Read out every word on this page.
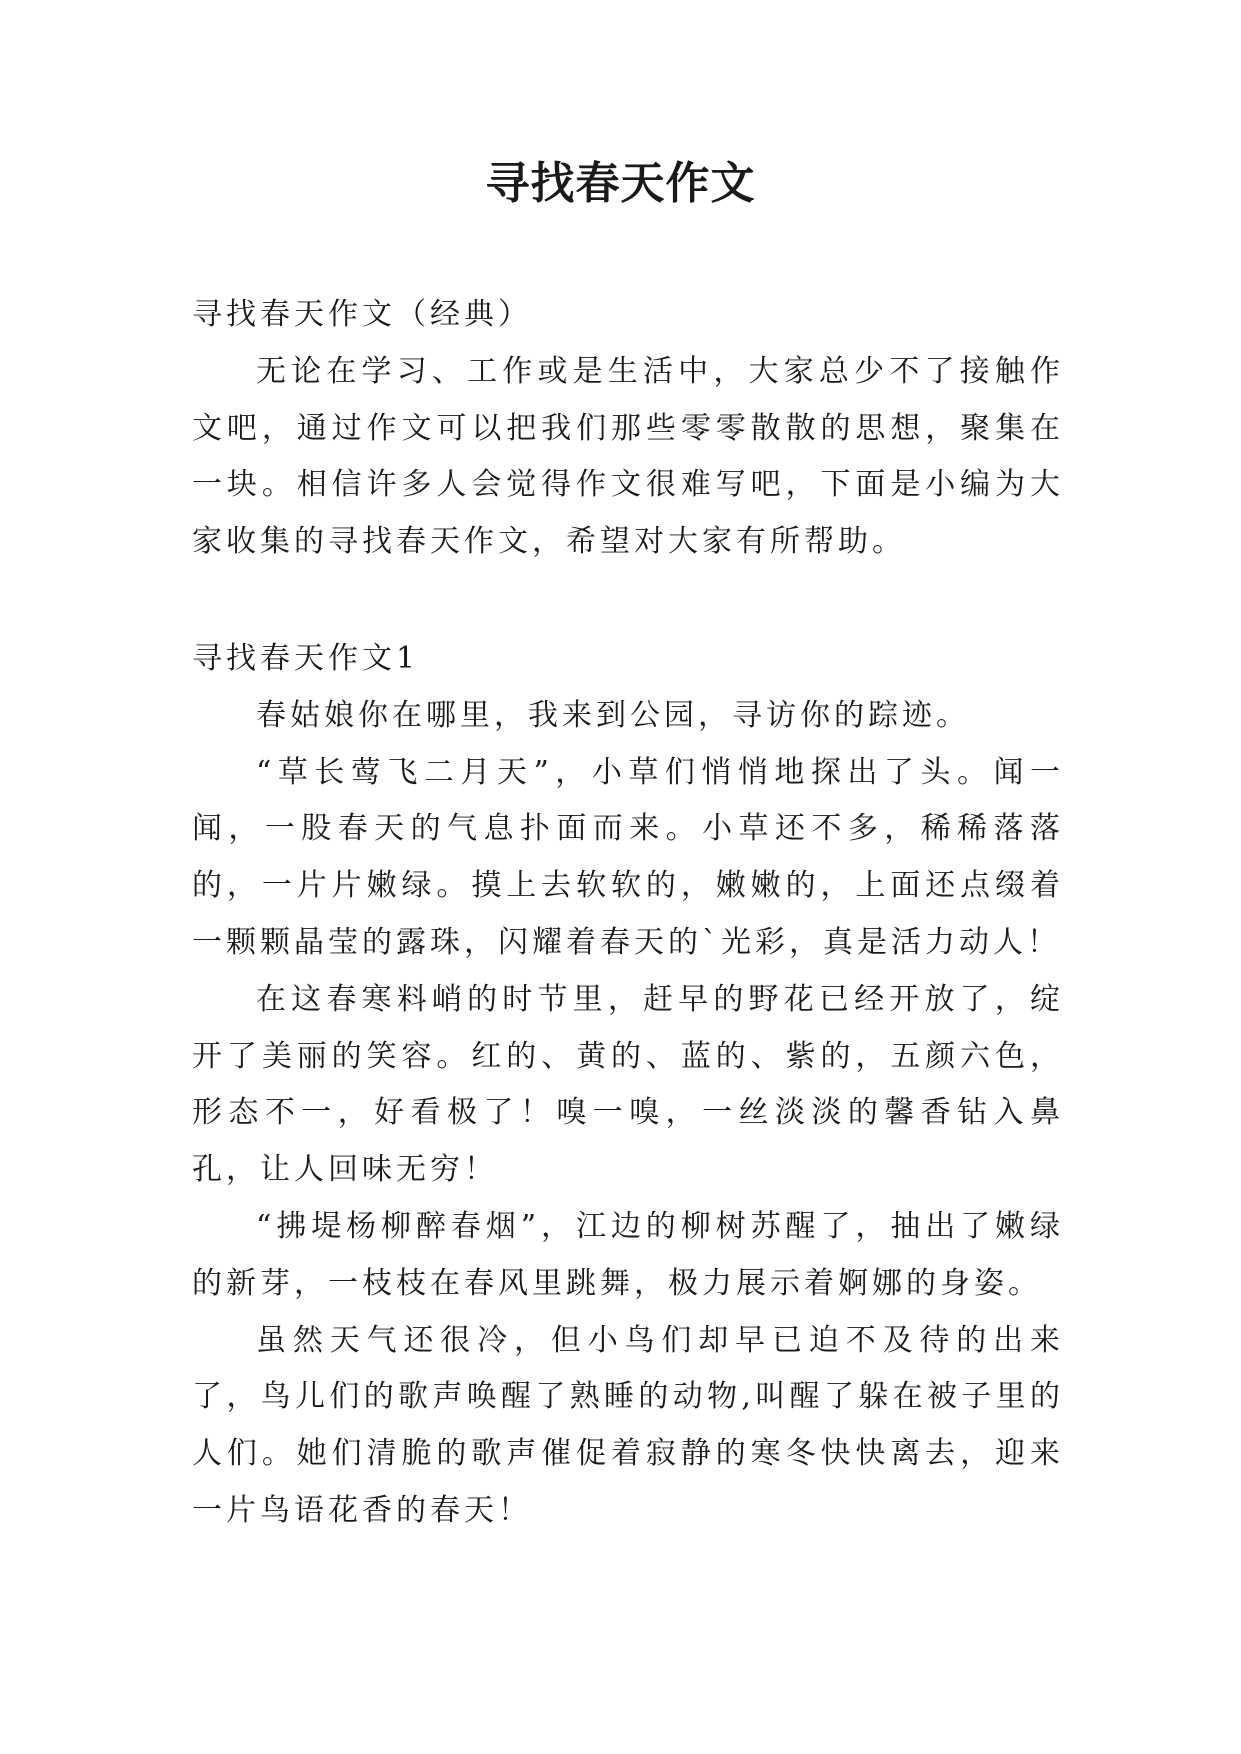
寻找春天作文

寻找春天作文（经典）

无论在学习、工作或是生活中，大家总少不了接触作文吧，通过作文可以把我们那些零零散散的思想，聚集在一块。相信许多人会觉得作文很难写吧，下面是小编为大家收集的寻找春天作文，希望对大家有所帮助。

寻找春天作文1

春姑娘你在哪里，我来到公园，寻访你的踪迹。

“草长莺飞二月天”，小草们悄悄地探出了头。闻一闻，一股春天的气息扑面而来。小草还不多，稀稀落落的，一片片嫩绿。摸上去软软的，嫩嫩的，上面还点缀着一颗颗晶莹的露珠，闪耀着春天的`光彩，真是活力动人！

在这春寒料峭的时节里，赶早的野花已经开放了，绽开了美丽的笑容。红的、黄的、蓝的、紫的，五颜六色，形态不一，好看极了！嗅一嗅，一丝淡淡的馨香钻入鼻孔，让人回味无穷！

“拂堤杨柳醉春烟”，江边的柳树苏醒了，抽出了嫩绿的新芽，一枝枝在春风里跳舞，极力展示着婀娜的身姿。

虽然天气还很冷，但小鸟们却早已迫不及待的出来了，鸟儿们的歌声唤醒了熟睡的动物,叫醒了躲在被子里的人们。她们清脆的歌声催促着寂静的寒冬快快离去，迎来一片鸟语花香的春天！
